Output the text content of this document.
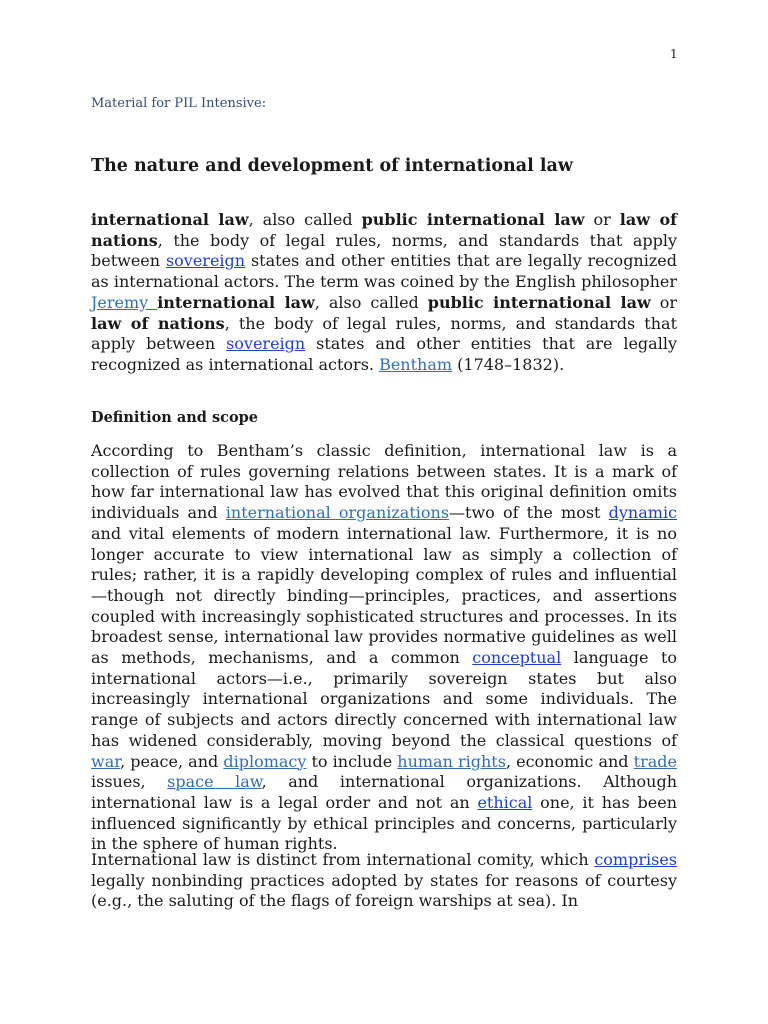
1
Material for PIL Intensive:
The nature and development of international law

international law, also called public international law or law of nations, the body of legal rules, norms, and standards that apply between sovereign states and other entities that are legally recognized as international actors. The term was coined by the English philosopher Jeremy international law, also called public international law or law of nations, the body of legal rules, norms, and standards that apply between sovereign states and other entities that are legally recognized as international actors. Bentham (1748–1832).

Definition and scope

According to Bentham’s classic definition, international law is a collection of rules governing relations between states. It is a mark of how far international law has evolved that this original definition omits individuals and international organizations—two of the most dynamic and vital elements of modern international law. Furthermore, it is no longer accurate to view international law as simply a collection of rules; rather, it is a rapidly developing complex of rules and influential—though not directly binding—principles, practices, and assertions coupled with increasingly sophisticated structures and processes. In its broadest sense, international law provides normative guidelines as well as methods, mechanisms, and a common conceptual language to international actors—i.e., primarily sovereign states but also increasingly international organizations and some individuals. The range of subjects and actors directly concerned with international law has widened considerably, moving beyond the classical questions of war, peace, and diplomacy to include human rights, economic and trade issues, space law, and international organizations. Although international law is a legal order and not an ethical one, it has been influenced significantly by ethical principles and concerns, particularly in the sphere of human rights.

International law is distinct from international comity, which comprises legally nonbinding practices adopted by states for reasons of courtesy (e.g., the saluting of the flags of foreign warships at sea). In
